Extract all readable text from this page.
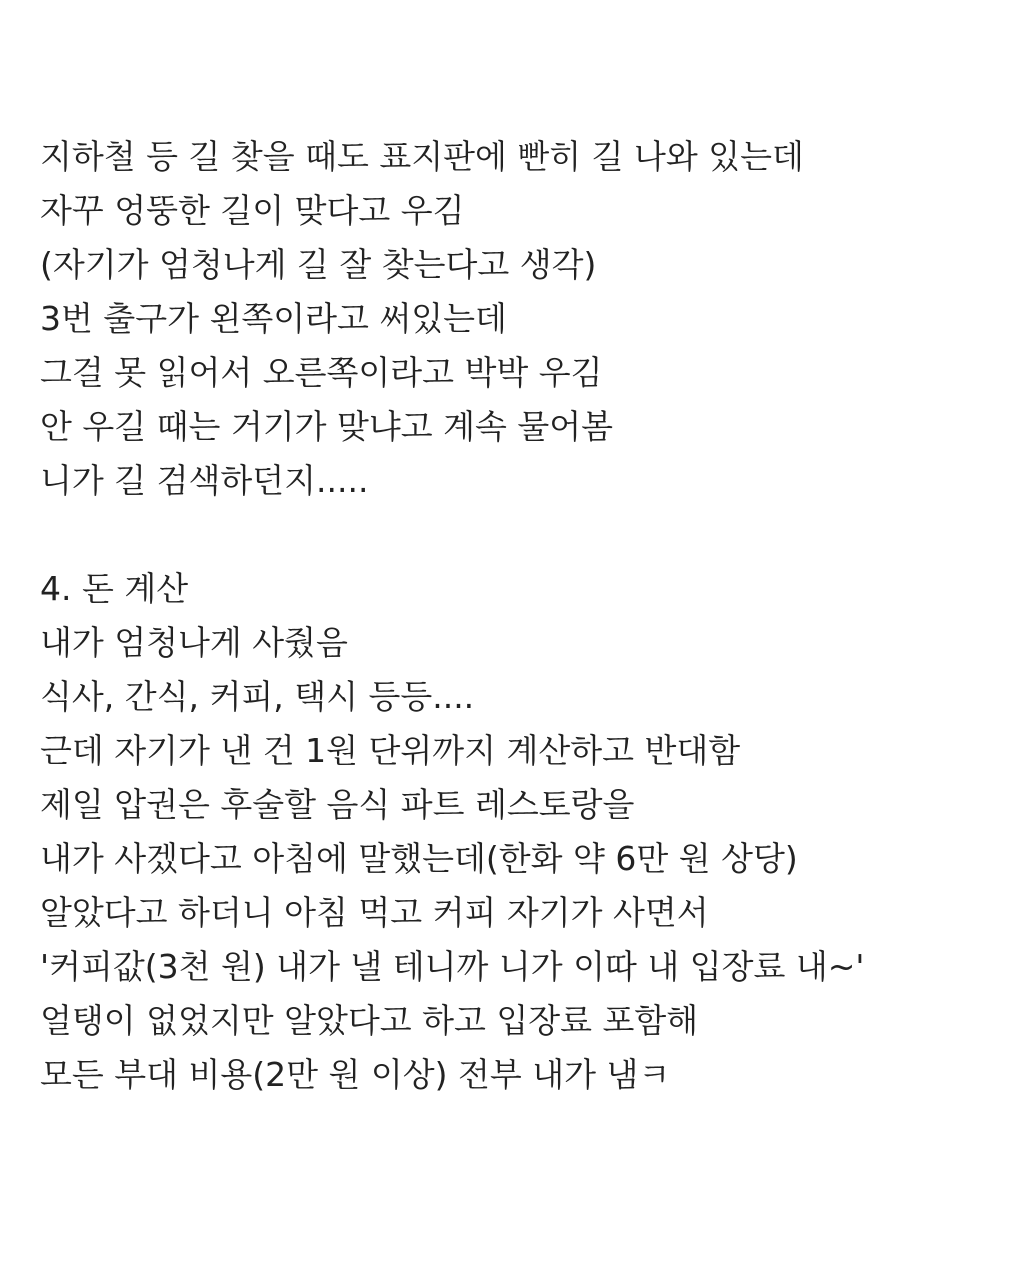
지하철 등 길 찾을 때도 표지판에 빤히 길 나와 있는데
자꾸 엉뚱한 길이 맞다고 우김
(자기가 엄청나게 길 잘 찾는다고 생각)
3번 출구가 왼쪽이라고 써있는데
그걸 못 읽어서 오른쪽이라고 박박 우김
안 우길 때는 거기가 맞냐고 계속 물어봄
니가 길 검색하던지.....
4. 돈 계산
내가 엄청나게 사줬음
식사, 간식, 커피, 택시 등등....
근데 자기가 낸 건 1원 단위까지 계산하고 반대함
제일 압권은 후술할 음식 파트 레스토랑을
내가 사겠다고 아침에 말했는데(한화 약 6만 원 상당)
알았다고 하더니 아침 먹고 커피 자기가 사면서
'커피값(3천 원) 내가 낼 테니까 니가 이따 내 입장료 내~'
얼탱이 없었지만 알았다고 하고 입장료 포함해
모든 부대 비용(2만 원 이상) 전부 내가 냄ㅋ
